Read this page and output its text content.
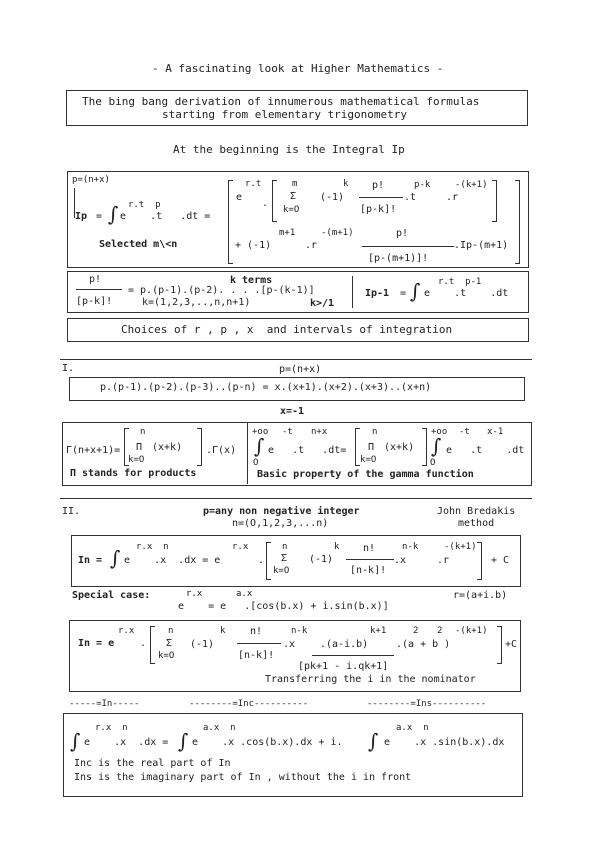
- A fascinating look at Higher Mathematics -
The bing bang derivation of innumerous mathematical formulas
starting from elementary trigonometry
At the beginning is the Integral Ip
p=(n+x)
Ip = ∫ r.t  p
e    .t   .dt =
Selected m\<n
r.t
e
.
m
Σ
k=O
k
(-1)
p!
[p-k]!
.t
p-k
.r
-(k+1)
m+1	-(m+1)
+ (-1)	.r
p!
[p-(m+1)]!
.Ip-(m+1)
p!
[p-k]!
= p.(p-1).(p-2). . . .[p-(k-1)]
k terms
k=(1,2,3,..,n,n+1)	k>/1
Ip-1 = ∫ r.t  p-1
e    .t    .dt
Choices of r , p , x  and intervals of integration
I.	p=(n+x)
p.(p-1).(p-2).(p-3)..(p-n) = x.(x+1).(x+2).(x+3)..(x+n)
x=-1
Γ(n+x+1)=
n
Π (x+k)
k=O
.Γ(x)
Π stands for products
+oo -t n+x
∫ e   .t   .dt=
O
n
Π (x+k)
k=O
+oo -t x-1
∫ e   .t    .dt
O
Basic property of the gamma function
II.	p=any non negative integer
n=(O,1,2,3,...n)
John Bredakis
method
In = ∫ r.x  n
e    .x  .dx = e
r.x
.
n
Σ
k=O
k
(-1)
n!
[n-k]!
.x
n-k
.r
-(k+1)
+ C
Special case:	r.x	a.x
e    = e   .[cos(b.x) + i.sin(b.x)]
r=(a+i.b)
r.x
In = e	.
n
Σ
k=O
k
(-1)
n!
[n-k]!
.x
n-k
.(a-i.b)
k+1	2 2 -(k+1)
.(a + b )	+C
[pk+1 - i.qk+1]
Transferring the i in the nominator
-----=In-----	--------=Inc----------	--------=Ins----------
∫
r.x  n
e    .x  .dx = ∫
a.x  n
e    .x .cos(b.x).dx + i. ∫
a.x  n
e    .x .sin(b.x).dx
Inc is the real part of In
Ins is the imaginary part of In , without the i in front
